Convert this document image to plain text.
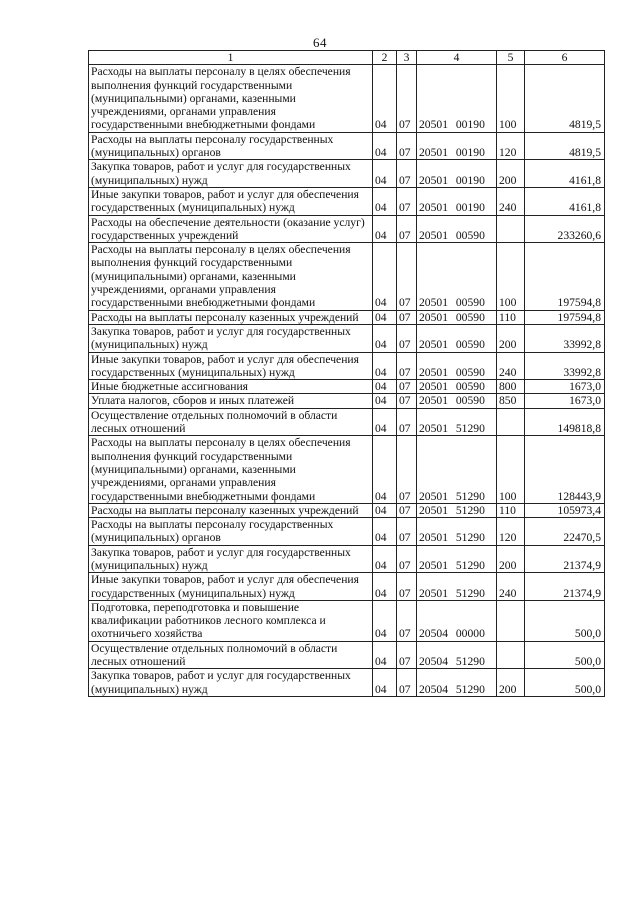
64
1	2	3	4	5	6
Расходы на выплаты персоналу в целях обеспечения выполнения функций государственными (муниципальными) органами, казенными учреждениями, органами управления государственными внебюджетными фондами	04	07	20501 00190	100	4819,5
Расходы на выплаты персоналу государственных (муниципальных) органов	04	07	20501 00190	120	4819,5
Закупка товаров, работ и услуг для государственных (муниципальных) нужд	04	07	20501 00190	200	4161,8
Иные закупки товаров, работ и услуг для обеспечения государственных (муниципальных) нужд	04	07	20501 00190	240	4161,8
Расходы на обеспечение деятельности (оказание услуг) государственных учреждений	04	07	20501 00590		233260,6
Расходы на выплаты персоналу в целях обеспечения выполнения функций государственными (муниципальными) органами, казенными учреждениями, органами управления государственными внебюджетными фондами	04	07	20501 00590	100	197594,8
Расходы на выплаты персоналу казенных учреждений	04	07	20501 00590	110	197594,8
Закупка товаров, работ и услуг для государственных (муниципальных) нужд	04	07	20501 00590	200	33992,8
Иные закупки товаров, работ и услуг для обеспечения государственных (муниципальных) нужд	04	07	20501 00590	240	33992,8
Иные бюджетные ассигнования	04	07	20501 00590	800	1673,0
Уплата налогов, сборов и иных платежей	04	07	20501 00590	850	1673,0
Осуществление отдельных полномочий в области лесных отношений	04	07	20501 51290		149818,8
Расходы на выплаты персоналу в целях обеспечения выполнения функций государственными (муниципальными) органами, казенными учреждениями, органами управления государственными внебюджетными фондами	04	07	20501 51290	100	128443,9
Расходы на выплаты персоналу казенных учреждений	04	07	20501 51290	110	105973,4
Расходы на выплаты персоналу государственных (муниципальных) органов	04	07	20501 51290	120	22470,5
Закупка товаров, работ и услуг для государственных (муниципальных) нужд	04	07	20501 51290	200	21374,9
Иные закупки товаров, работ и услуг для обеспечения государственных (муниципальных) нужд	04	07	20501 51290	240	21374,9
Подготовка, переподготовка и повышение квалификации работников лесного комплекса и охотничьего хозяйства	04	07	20504 00000		500,0
Осуществление отдельных полномочий в области лесных отношений	04	07	20504 51290		500,0
Закупка товаров, работ и услуг для государственных (муниципальных) нужд	04	07	20504 51290	200	500,0
